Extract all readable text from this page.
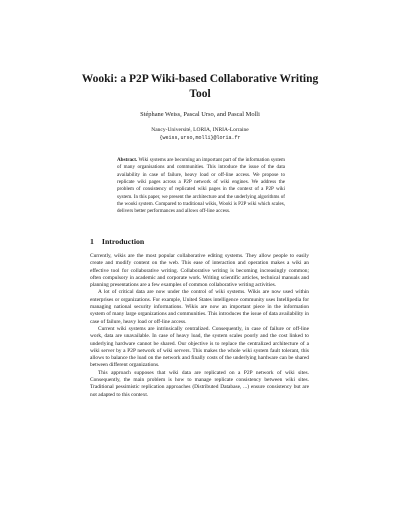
Wooki: a P2P Wiki-based Collaborative Writing
Tool
Stéphane Weiss, Pascal Urso, and Pascal Molli
Nancy-Université, LORIA, INRIA-Lorraine
{weiss,urso,molli}@loria.fr

Abstract. Wiki systems are becoming an important part of the information system of many organisations and communities. This introduce the issue of the data availability in case of failure, heavy load or off-line access. We propose to replicate wiki pages across a P2P network of wiki engines. We address the problem of consistency of replicated wiki pages in the context of a P2P wiki system. In this paper, we present the architecture and the underlying algorithms of the wooki system. Compared to traditional wikis, Wooki is P2P wiki which scales, delivers better performances and allows off-line access.

1 Introduction

Currently, wikis are the most popular collaborative editing systems. They allow people to easily create and modify content on the web. This ease of interaction and operation makes a wiki an effective tool for collaborative writing. Collaborative writing is becoming increasingly common; often compulsory in academic and corporate work. Writing scientific articles, technical manuals and planning presentations are a few examples of common collaborative writing activities.

A lot of critical data are now under the control of wiki systems. Wikis are now used within enterprises or organizations. For example, United States intelligence community uses Intellipedia for managing national security informations. Wikis are now an important piece in the information system of many large organizations and communities. This introduces the issue of data availability in case of failure, heavy load or off-line access.

Current wiki systems are intrinsically centralized. Consequently, in case of failure or off-line work, data are unavailable. In case of heavy load, the system scales poorly and the cost linked to underlying hardware cannot be shared. Our objective is to replace the centralized architecture of a wiki server by a P2P network of wiki servers. This makes the whole wiki system fault tolerant, this allows to balance the load on the network and finally costs of the underlying hardware can be shared between different organizations.

This approach supposes that wiki data are replicated on a P2P network of wiki sites. Consequently, the main problem is how to manage replicate consistency between wiki sites. Traditional pessimistic replication approaches (Distributed Database, ...) ensure consistency but are not adapted to this context.
